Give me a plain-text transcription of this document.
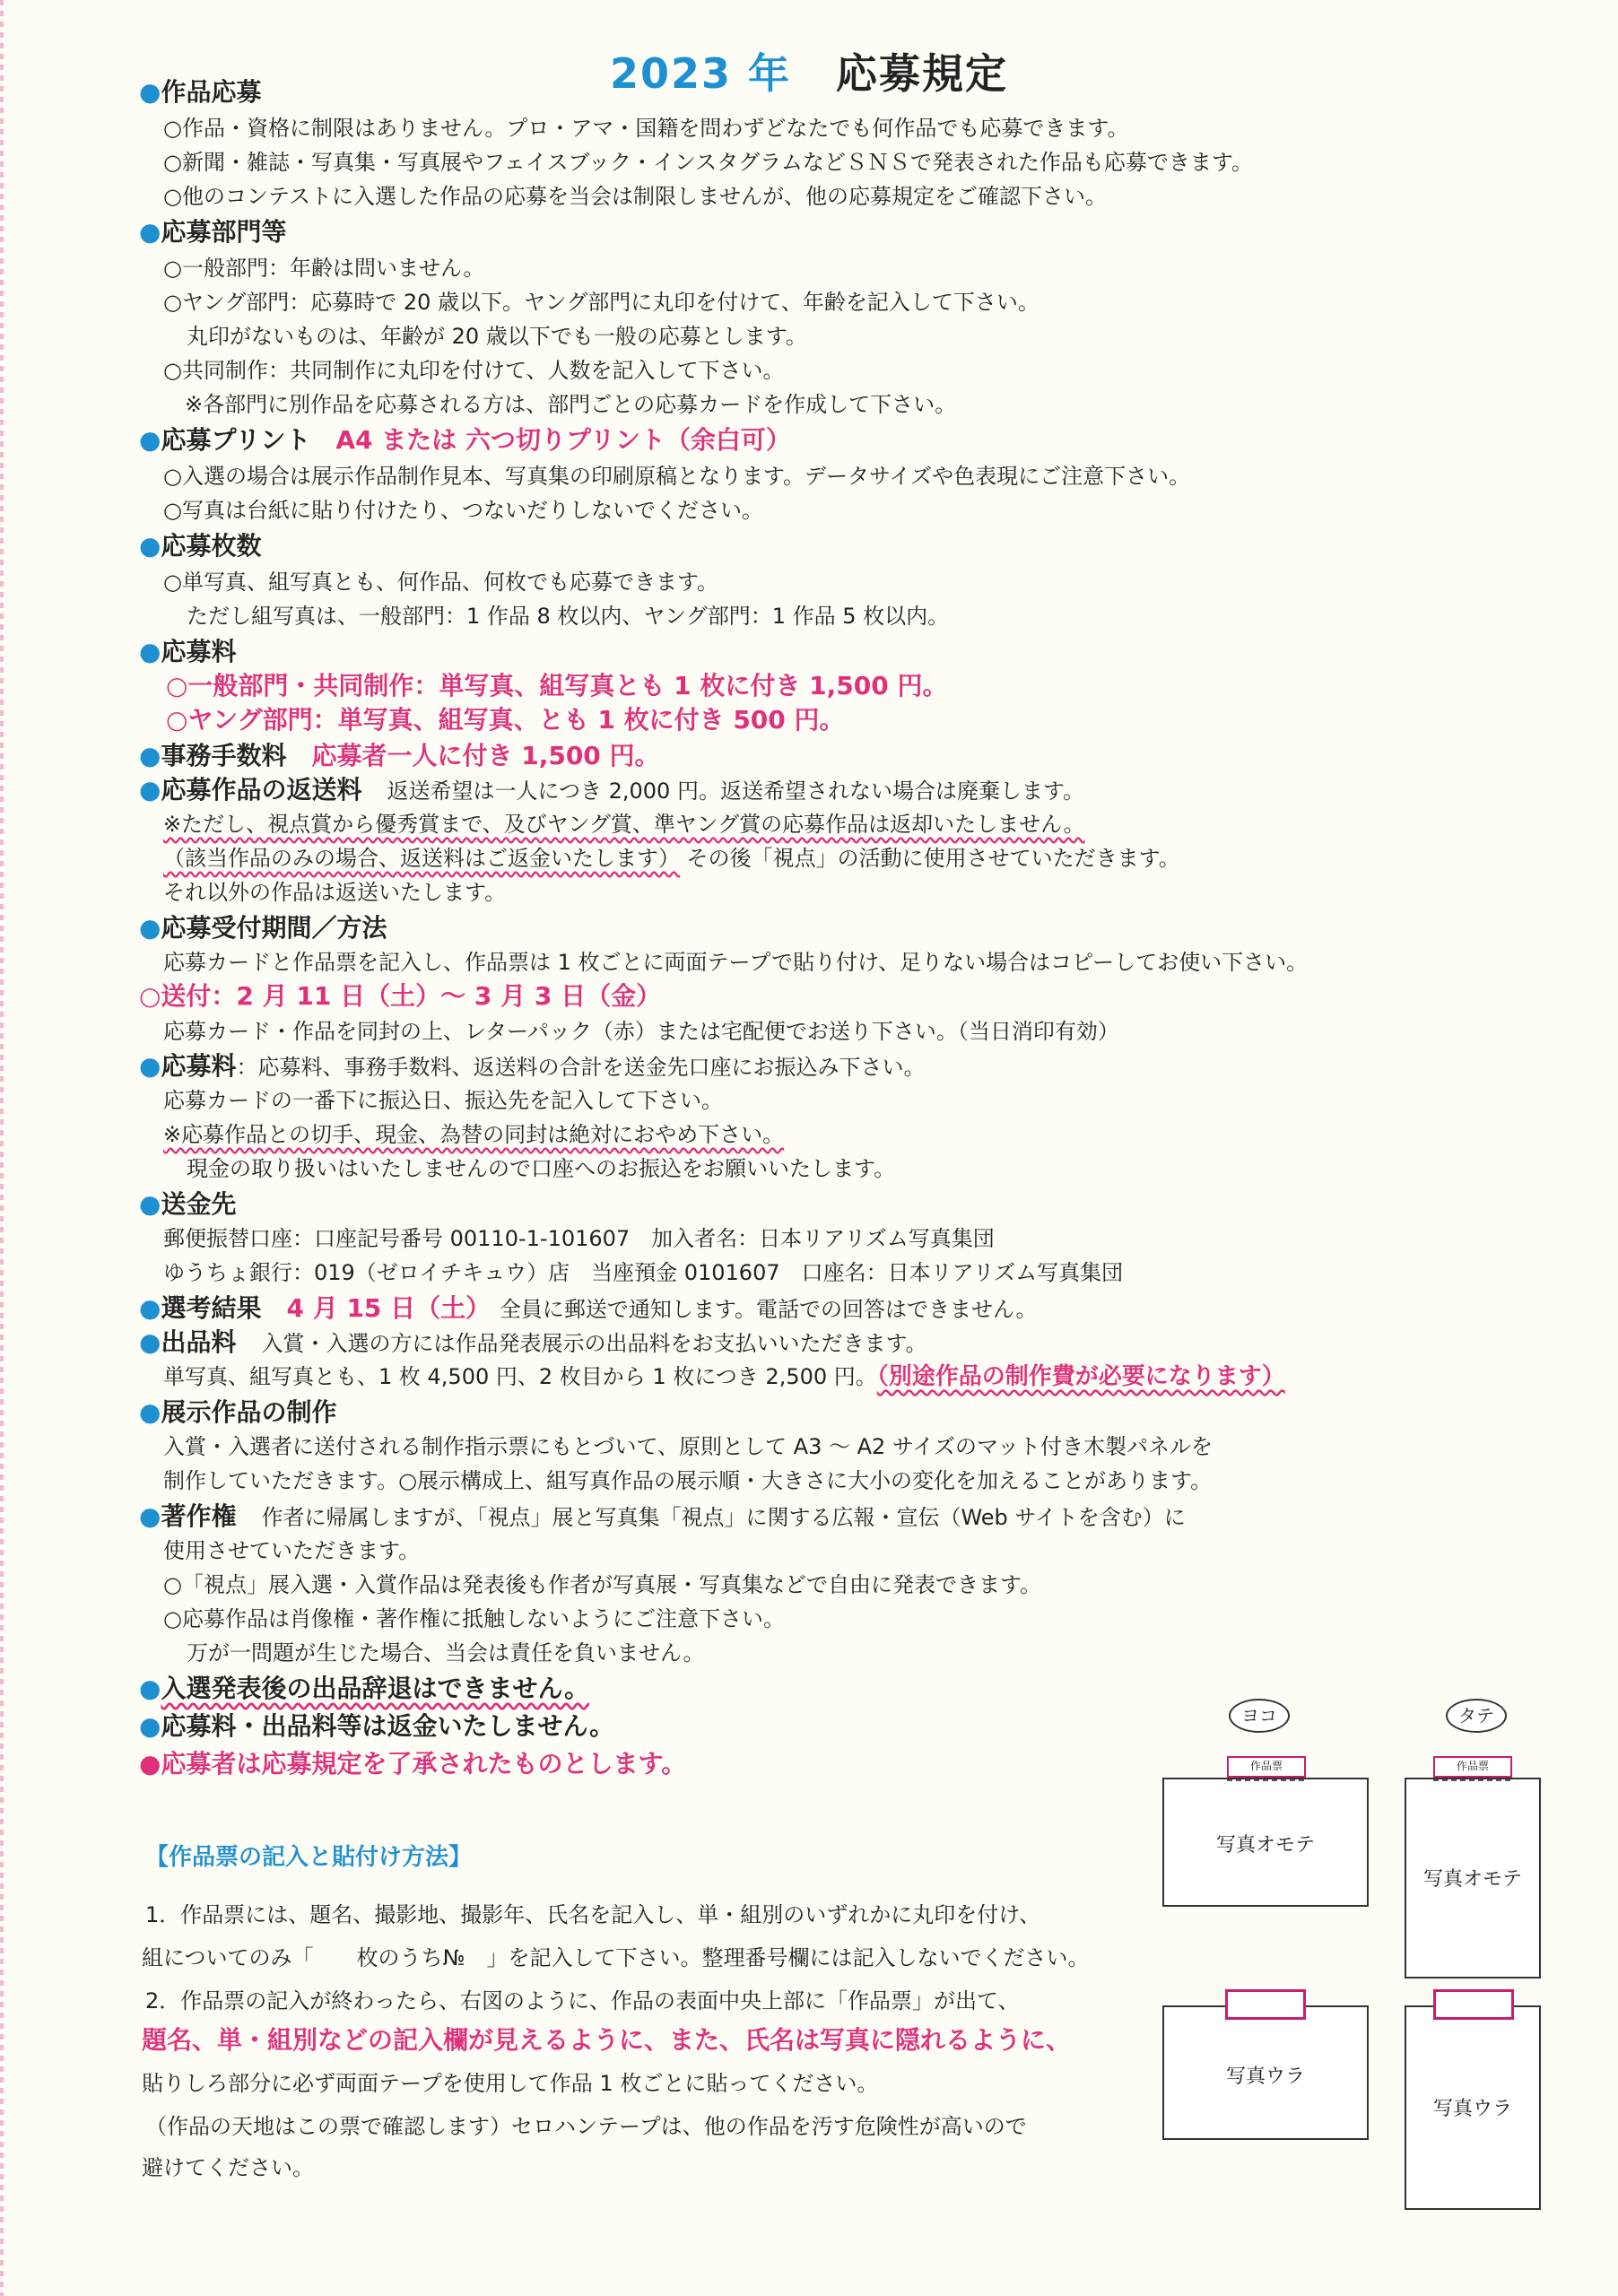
2023 年 応募規定
●作品応募
○作品・資格に制限はありません。プロ・アマ・国籍を問わずどなたでも何作品でも応募できます。
○新聞・雑誌・写真集・写真展やフェイスブック・インスタグラムなどＳＮＳで発表された作品も応募できます。
○他のコンテストに入選した作品の応募を当会は制限しませんが、他の応募規定をご確認下さい。
●応募部門等
○一般部門：年齢は問いません。
○ヤング部門：応募時で 20 歳以下。ヤング部門に丸印を付けて、年齢を記入して下さい。
丸印がないものは、年齢が 20 歳以下でも一般の応募とします。
○共同制作：共同制作に丸印を付けて、人数を記入して下さい。
※各部門に別作品を応募される方は、部門ごとの応募カードを作成して下さい。
●応募プリント　 A4 または 六つ切りプリント（余白可）
○入選の場合は展示作品制作見本、写真集の印刷原稿となります。データサイズや色表現にご注意下さい。
○写真は台紙に貼り付けたり、つないだりしないでください。
●応募枚数
○単写真、組写真とも、何作品、何枚でも応募できます。
ただし組写真は、一般部門：1 作品 8 枚以内、ヤング部門：1 作品 5 枚以内。
●応募料
○一般部門・共同制作：単写真、組写真とも 1 枚に付き 1,500 円。
○ヤング部門：単写真、組写真、とも 1 枚に付き 500 円。
●事務手数料　 応募者一人に付き 1,500 円。
●応募作品の返送料　 返送希望は一人につき 2,000 円。返送希望されない場合は廃棄します。
※ただし、視点賞から優秀賞まで、及びヤング賞、準ヤング賞の応募作品は返却いたしません。
（該当作品のみの場合、返送料はご返金いたします） その後「視点」の活動に使用させていただきます。
それ以外の作品は返送いたします。
●応募受付期間／方法
応募カードと作品票を記入し、作品票は 1 枚ごとに両面テープで貼り付け、足りない場合はコピーしてお使い下さい。
○送付：2 月 11 日（土）～ 3 月 3 日（金）
応募カード・作品を同封の上、レターパック（赤）または宅配便でお送り下さい。（当日消印有効）
●応募料：応募料、事務手数料、返送料の合計を送金先口座にお振込み下さい。
応募カードの一番下に振込日、振込先を記入して下さい。
※応募作品との切手、現金、為替の同封は絶対におやめ下さい。
現金の取り扱いはいたしませんので口座へのお振込をお願いいたします。
●送金先
郵便振替口座：口座記号番号 00110-1-101607　加入者名：日本リアリズム写真集団
ゆうちょ銀行：019（ゼロイチキュウ）店　当座預金 0101607　口座名：日本リアリズム写真集団
●選考結果　 4 月 15 日（土） 全員に郵送で通知します。電話での回答はできません。
●出品料　 入賞・入選の方には作品発表展示の出品料をお支払いいただきます。
単写真、組写真とも、1 枚 4,500 円、2 枚目から 1 枚につき 2,500 円。（別途作品の制作費が必要になります）
●展示作品の制作
入賞・入選者に送付される制作指示票にもとづいて、原則として A3 ～ A2 サイズのマット付き木製パネルを
制作していただきます。○展示構成上、組写真作品の展示順・大きさに大小の変化を加えることがあります。
●著作権　 作者に帰属しますが、「視点」展と写真集「視点」に関する広報・宣伝（Web サイトを含む）に
使用させていただきます。
○「視点」展入選・入賞作品は発表後も作者が写真展・写真集などで自由に発表できます。
○応募作品は肖像権・著作権に抵触しないようにご注意下さい。
万が一問題が生じた場合、当会は責任を負いません。
●入選発表後の出品辞退はできません。
●応募料・出品料等は返金いたしません。
●応募者は応募規定を了承されたものとします。
【作品票の記入と貼付け方法】
1．作品票には、題名、撮影地、撮影年、氏名を記入し、単・組別のいずれかに丸印を付け、
組についてのみ「　　枚のうち№　」を記入して下さい。整理番号欄には記入しないでください。
2．作品票の記入が終わったら、右図のように、作品の表面中央上部に「作品票」が出て、
題名、単・組別などの記入欄が見えるように、また、氏名は写真に隠れるように、
貼りしろ部分に必ず両面テープを使用して作品 1 枚ごとに貼ってください。
（作品の天地はこの票で確認します）セロハンテープは、他の作品を汚す危険性が高いので
避けてください。
ヨコ	タテ
写真オモテ
作品票
写真オモテ
作品票
写真ウラ
写真ウラ
